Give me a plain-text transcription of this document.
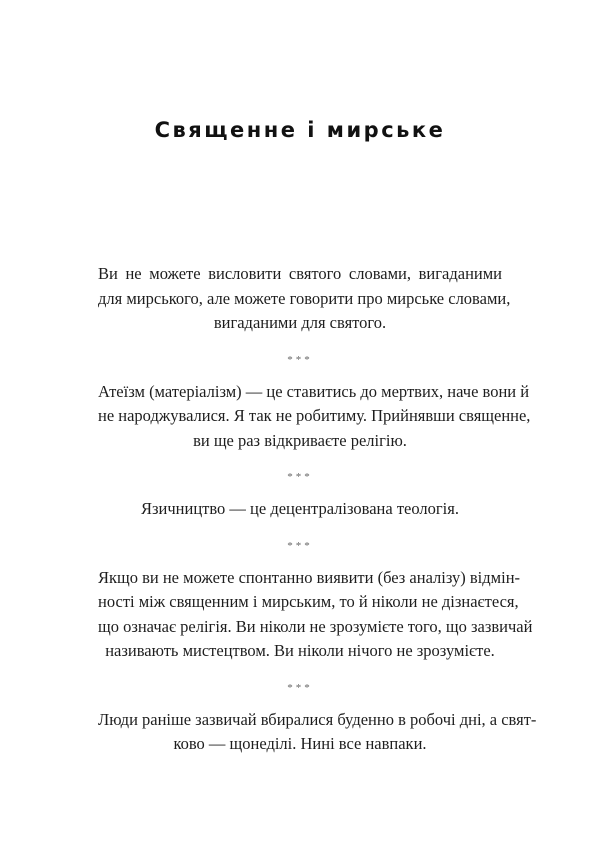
Священне і мирське

Ви не можете висловити святого словами, вигаданими
для мирського, але можете говорити про мирське словами,
вигаданими для святого.

***

Атеїзм (матеріалізм) — це ставитись до мертвих, наче вони й
не народжувалися. Я так не робитиму. Прийнявши священне,
ви ще раз відкриваєте релігію.

***

Язичництво — це децентралізована теологія.

***

Якщо ви не можете спонтанно виявити (без аналізу) відмін-
ності між священним і мирським, то й ніколи не дізнаєтеся,
що означає релігія. Ви ніколи не зрозумієте того, що зазвичай
називають мистецтвом. Ви ніколи нічого не зрозумієте.

***

Люди раніше зазвичай вбиралися буденно в робочі дні, а свят-
ково — щонеділі. Нині все навпаки.
